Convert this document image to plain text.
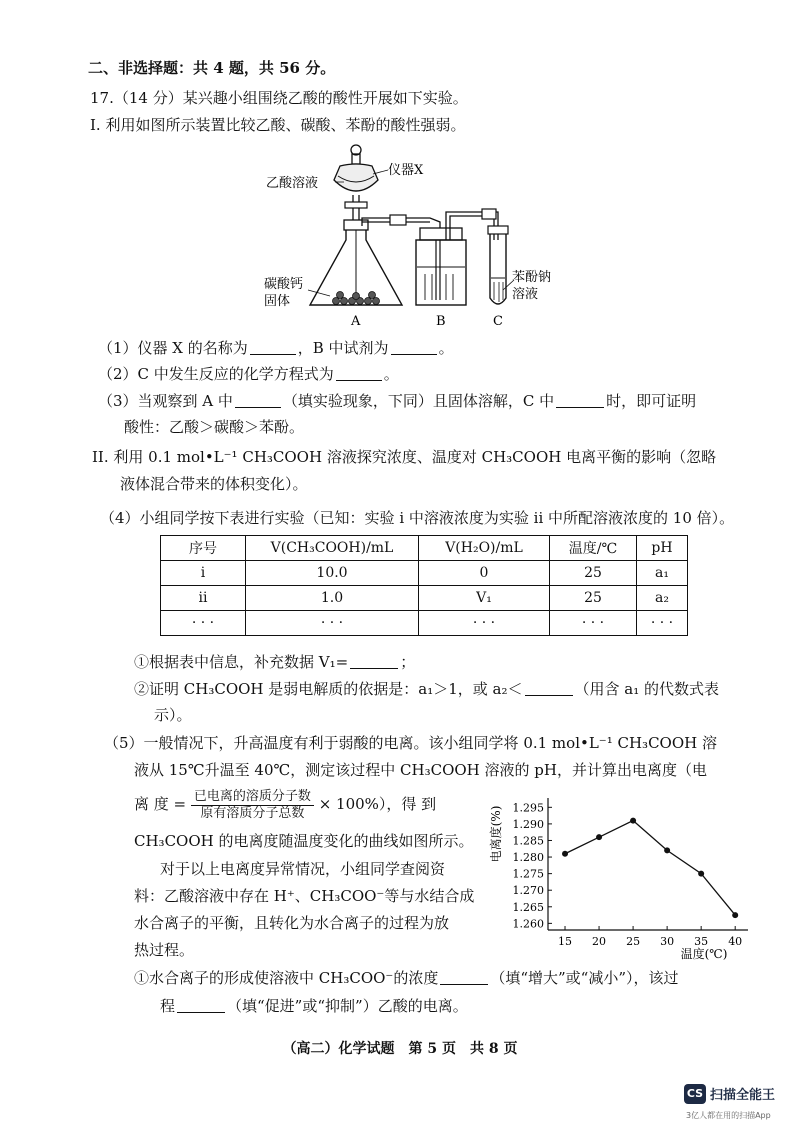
二、非选择题：共 4 题，共 56 分。
17.（14 分）某兴趣小组围绕乙酸的酸性开展如下实验。
I. 利用如图所示装置比较乙酸、碳酸、苯酚的酸性强弱。
乙酸溶液
仪器X
碳酸钙
固体
苯酚钠
溶液
A	B	C
（1）仪器 X 的名称为	，B 中试剂为	。
（2）C 中发生反应的化学方程式为	。
（3）当观察到 A 中	（填实验现象，下同）且固体溶解，C 中	时，即可证明
酸性：乙酸＞碳酸＞苯酚。
II. 利用 0.1 mol•L⁻¹ CH₃COOH 溶液探究浓度、温度对 CH₃COOH 电离平衡的影响（忽略
液体混合带来的体积变化）。
（4）小组同学按下表进行实验（已知：实验 i 中溶液浓度为实验 ii 中所配溶液浓度的 10 倍）。
序号	V(CH₃COOH)/mL	V(H₂O)/mL	温度/℃	pH
i	10.0	0	25	a₁
ii	1.0	V₁	25	a₂
· · ·	· · ·	· · ·	· · ·	· · ·
①根据表中信息，补充数据 V₁=	；
②证明 CH₃COOH 是弱电解质的依据是：a₁＞1，或 a₂＜	（用含 a₁ 的代数式表
示）。
（5）一般情况下，升高温度有利于弱酸的电离。该小组同学将 0.1 mol•L⁻¹ CH₃COOH 溶
液从 15℃升温至 40℃，测定该过程中 CH₃COOH 溶液的 pH，并计算出电离度（电
离 度 = $\frac{\text{已电离的溶质分子数}}{\text{原有溶质分子总数}} \times 100\%$），得 到
CH₃COOH 的电离度随温度变化的曲线如图所示。
对于以上电离度异常情况，小组同学查阅资
料：乙酸溶液中存在 H⁺、CH₃COO⁻等与水结合成
水合离子的平衡，且转化为水合离子的过程为放
热过程。
①水合离子的形成使溶液中 CH₃COO⁻的浓度	（填“增大”或“减小”），该过
程	（填“促进”或“抑制”）乙酸的电离。
1.260
1.265
1.270
1.275
1.280
1.285
1.290
1.295
15 20 25 30 35 40
电离度(%)
温度(℃)
（高二）化学试题　第 5 页　共 8 页
CS 扫描全能王
3亿人都在用的扫描App
